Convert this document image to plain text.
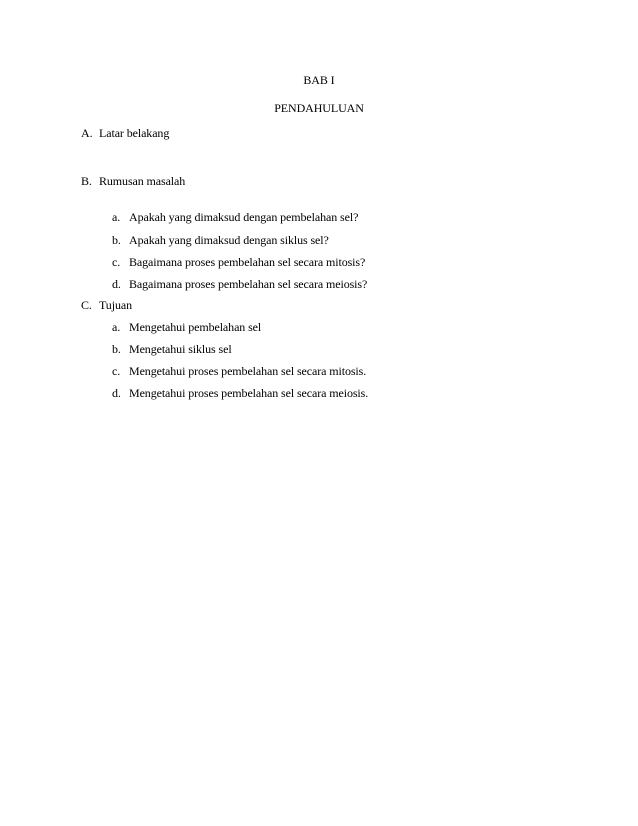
BAB I
PENDAHULUAN
A. Latar belakang
B. Rumusan masalah
a. Apakah yang dimaksud dengan pembelahan sel?
b. Apakah yang dimaksud dengan siklus sel?
c. Bagaimana proses pembelahan sel secara mitosis?
d. Bagaimana proses pembelahan sel secara meiosis?
C. Tujuan
a. Mengetahui pembelahan sel
b. Mengetahui siklus sel
c. Mengetahui proses pembelahan sel secara mitosis.
d. Mengetahui proses pembelahan sel secara meiosis.
